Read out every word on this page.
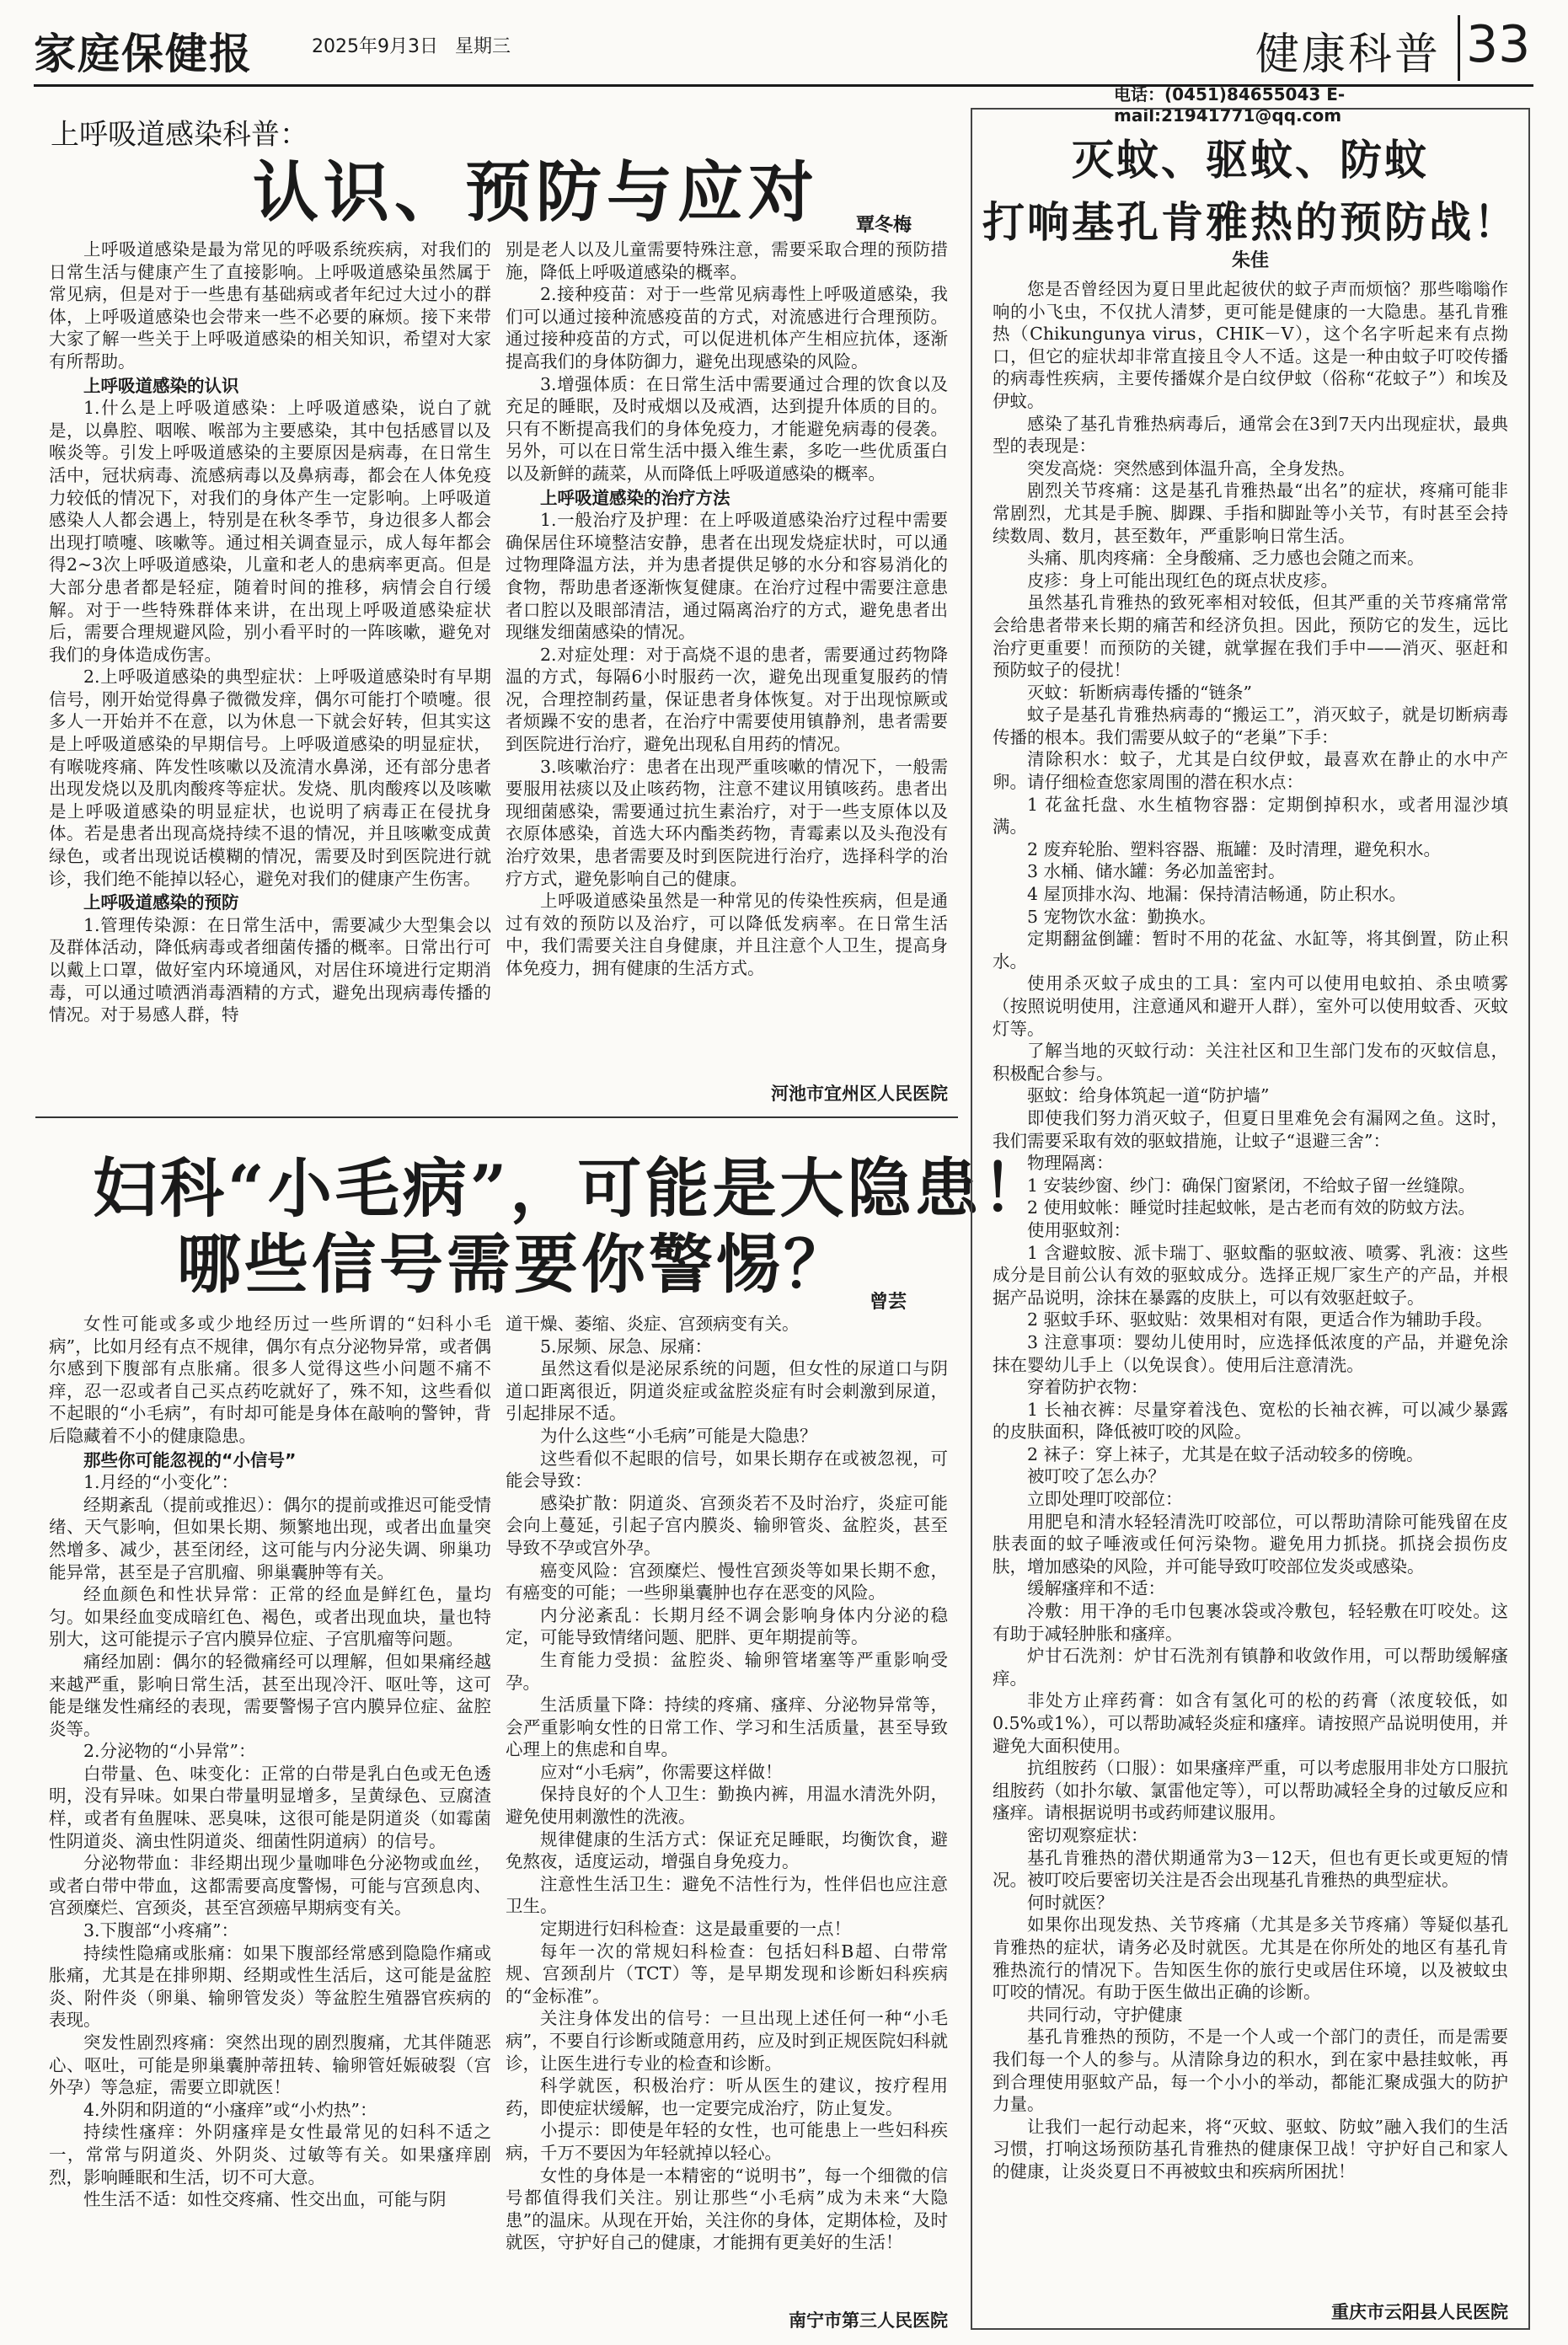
家庭保健报	2025年9月3日 星期三	健康科普 33
电话：(0451)84655043 E-mail:21941771@qq.com
上呼吸道感染科普：
认识、预防与应对 覃冬梅

上呼吸道感染是最为常见的呼吸系统疾病，对我们的日常生活与健康产生了直接影响。上呼吸道感染虽然属于常见病，但是对于一些患有基础病或者年纪过大过小的群体，上呼吸道感染也会带来一些不必要的麻烦。接下来带大家了解一些关于上呼吸道感染的相关知识，希望对大家有所帮助。

上呼吸道感染的认识

1.什么是上呼吸道感染：上呼吸道感染，说白了就是，以鼻腔、咽喉、喉部为主要感染，其中包括感冒以及喉炎等。引发上呼吸道感染的主要原因是病毒，在日常生活中，冠状病毒、流感病毒以及鼻病毒，都会在人体免疫力较低的情况下，对我们的身体产生一定影响。上呼吸道感染人人都会遇上，特别是在秋冬季节，身边很多人都会出现打喷嚏、咳嗽等。通过相关调查显示，成人每年都会得2~3次上呼吸道感染，儿童和老人的患病率更高。但是大部分患者都是轻症，随着时间的推移，病情会自行缓解。对于一些特殊群体来讲，在出现上呼吸道感染症状后，需要合理规避风险，别小看平时的一阵咳嗽，避免对我们的身体造成伤害。

2.上呼吸道感染的典型症状：上呼吸道感染时有早期信号，刚开始觉得鼻子微微发痒，偶尔可能打个喷嚏。很多人一开始并不在意，以为休息一下就会好转，但其实这是上呼吸道感染的早期信号。上呼吸道感染的明显症状，有喉咙疼痛、阵发性咳嗽以及流清水鼻涕，还有部分患者出现发烧以及肌肉酸疼等症状。发烧、肌肉酸疼以及咳嗽是上呼吸道感染的明显症状，也说明了病毒正在侵扰身体。若是患者出现高烧持续不退的情况，并且咳嗽变成黄绿色，或者出现说话模糊的情况，需要及时到医院进行就诊，我们绝不能掉以轻心，避免对我们的健康产生伤害。

上呼吸道感染的预防

1.管理传染源：在日常生活中，需要减少大型集会以及群体活动，降低病毒或者细菌传播的概率。日常出行可以戴上口罩，做好室内环境通风，对居住环境进行定期消毒，可以通过喷洒消毒酒精的方式，避免出现病毒传播的情况。对于易感人群，特

别是老人以及儿童需要特殊注意，需要采取合理的预防措施，降低上呼吸道感染的概率。

2.接种疫苗：对于一些常见病毒性上呼吸道感染，我们可以通过接种流感疫苗的方式，对流感进行合理预防。通过接种疫苗的方式，可以促进机体产生相应抗体，逐渐提高我们的身体防御力，避免出现感染的风险。

3.增强体质：在日常生活中需要通过合理的饮食以及充足的睡眠，及时戒烟以及戒酒，达到提升体质的目的。只有不断提高我们的身体免疫力，才能避免病毒的侵袭。另外，可以在日常生活中摄入维生素，多吃一些优质蛋白以及新鲜的蔬菜，从而降低上呼吸道感染的概率。

上呼吸道感染的治疗方法

1.一般治疗及护理：在上呼吸道感染治疗过程中需要确保居住环境整洁安静，患者在出现发烧症状时，可以通过物理降温方法，并为患者提供足够的水分和容易消化的食物，帮助患者逐渐恢复健康。在治疗过程中需要注意患者口腔以及眼部清洁，通过隔离治疗的方式，避免患者出现继发细菌感染的情况。

2.对症处理：对于高烧不退的患者，需要通过药物降温的方式，每隔6小时服药一次，避免出现重复服药的情况，合理控制药量，保证患者身体恢复。对于出现惊厥或者烦躁不安的患者，在治疗中需要使用镇静剂，患者需要到医院进行治疗，避免出现私自用药的情况。

3.咳嗽治疗：患者在出现严重咳嗽的情况下，一般需要服用祛痰以及止咳药物，注意不建议用镇咳药。患者出现细菌感染，需要通过抗生素治疗，对于一些支原体以及衣原体感染，首选大环内酯类药物，青霉素以及头孢没有治疗效果，患者需要及时到医院进行治疗，选择科学的治疗方式，避免影响自己的健康。

上呼吸道感染虽然是一种常见的传染性疾病，但是通过有效的预防以及治疗，可以降低发病率。在日常生活中，我们需要关注自身健康，并且注意个人卫生，提高身体免疫力，拥有健康的生活方式。

河池市宜州区人民医院
妇科“小毛病”，可能是大隐患！
哪些信号需要你警惕？
曾芸

女性可能或多或少地经历过一些所谓的“妇科小毛病”，比如月经有点不规律，偶尔有点分泌物异常，或者偶尔感到下腹部有点胀痛。很多人觉得这些小问题不痛不痒，忍一忍或者自己买点药吃就好了，殊不知，这些看似不起眼的“小毛病”，有时却可能是身体在敲响的警钟，背后隐藏着不小的健康隐患。

那些你可能忽视的“小信号”

1.月经的“小变化”：

经期紊乱（提前或推迟）：偶尔的提前或推迟可能受情绪、天气影响，但如果长期、频繁地出现，或者出血量突然增多、减少，甚至闭经，这可能与内分泌失调、卵巢功能异常，甚至是子宫肌瘤、卵巢囊肿等有关。

经血颜色和性状异常：正常的经血是鲜红色，量均匀。如果经血变成暗红色、褐色，或者出现血块，量也特别大，这可能提示子宫内膜异位症、子宫肌瘤等问题。

痛经加剧：偶尔的轻微痛经可以理解，但如果痛经越来越严重，影响日常生活，甚至出现冷汗、呕吐等，这可能是继发性痛经的表现，需要警惕子宫内膜异位症、盆腔炎等。

2.分泌物的“小异常”：

白带量、色、味变化：正常的白带是乳白色或无色透明，没有异味。如果白带量明显增多，呈黄绿色、豆腐渣样，或者有鱼腥味、恶臭味，这很可能是阴道炎（如霉菌性阴道炎、滴虫性阴道炎、细菌性阴道病）的信号。

分泌物带血：非经期出现少量咖啡色分泌物或血丝，或者白带中带血，这都需要高度警惕，可能与宫颈息肉、宫颈糜烂、宫颈炎，甚至宫颈癌早期病变有关。

3.下腹部“小疼痛”：

持续性隐痛或胀痛：如果下腹部经常感到隐隐作痛或胀痛，尤其是在排卵期、经期或性生活后，这可能是盆腔炎、附件炎（卵巢、输卵管发炎）等盆腔生殖器官疾病的表现。

突发性剧烈疼痛：突然出现的剧烈腹痛，尤其伴随恶心、呕吐，可能是卵巢囊肿蒂扭转、输卵管妊娠破裂（宫外孕）等急症，需要立即就医！

4.外阴和阴道的“小瘙痒”或“小灼热”：

持续性瘙痒：外阴瘙痒是女性最常见的妇科不适之一，常常与阴道炎、外阴炎、过敏等有关。如果瘙痒剧烈，影响睡眠和生活，切不可大意。

性生活不适：如性交疼痛、性交出血，可能与阴

道干燥、萎缩、炎症、宫颈病变有关。

5.尿频、尿急、尿痛：

虽然这看似是泌尿系统的问题，但女性的尿道口与阴道口距离很近，阴道炎症或盆腔炎症有时会刺激到尿道，引起排尿不适。

为什么这些“小毛病”可能是大隐患？

这些看似不起眼的信号，如果长期存在或被忽视，可能会导致：

感染扩散：阴道炎、宫颈炎若不及时治疗，炎症可能会向上蔓延，引起子宫内膜炎、输卵管炎、盆腔炎，甚至导致不孕或宫外孕。

癌变风险：宫颈糜烂、慢性宫颈炎等如果长期不愈，有癌变的可能；一些卵巢囊肿也存在恶变的风险。

内分泌紊乱：长期月经不调会影响身体内分泌的稳定，可能导致情绪问题、肥胖、更年期提前等。

生育能力受损：盆腔炎、输卵管堵塞等严重影响受孕。

生活质量下降：持续的疼痛、瘙痒、分泌物异常等，会严重影响女性的日常工作、学习和生活质量，甚至导致心理上的焦虑和自卑。

应对“小毛病”，你需要这样做！

保持良好的个人卫生：勤换内裤，用温水清洗外阴，避免使用刺激性的洗液。

规律健康的生活方式：保证充足睡眠，均衡饮食，避免熬夜，适度运动，增强自身免疫力。

注意性生活卫生：避免不洁性行为，性伴侣也应注意卫生。

定期进行妇科检查：这是最重要的一点！

每年一次的常规妇科检查：包括妇科B超、白带常规、宫颈刮片（TCT）等，是早期发现和诊断妇科疾病的“金标准”。

关注身体发出的信号：一旦出现上述任何一种“小毛病”，不要自行诊断或随意用药，应及时到正规医院妇科就诊，让医生进行专业的检查和诊断。

科学就医，积极治疗：听从医生的建议，按疗程用药，即使症状缓解，也一定要完成治疗，防止复发。

小提示：即使是年轻的女性，也可能患上一些妇科疾病，千万不要因为年轻就掉以轻心。

女性的身体是一本精密的“说明书”，每一个细微的信号都值得我们关注。别让那些“小毛病”成为未来“大隐患”的温床。从现在开始，关注你的身体，定期体检，及时就医，守护好自己的健康，才能拥有更美好的生活！

南宁市第三人民医院
灭蚊、驱蚊、防蚊
打响基孔肯雅热的预防战！
朱佳

您是否曾经因为夏日里此起彼伏的蚊子声而烦恼？那些嗡嗡作响的小飞虫，不仅扰人清梦，更可能是健康的一大隐患。基孔肯雅热（Chikungunya virus，CHIK－V），这个名字听起来有点拗口，但它的症状却非常直接且令人不适。这是一种由蚊子叮咬传播的病毒性疾病，主要传播媒介是白纹伊蚊（俗称“花蚊子”）和埃及伊蚊。

感染了基孔肯雅热病毒后，通常会在3到7天内出现症状，最典型的表现是：

突发高烧：突然感到体温升高，全身发热。

剧烈关节疼痛：这是基孔肯雅热最“出名”的症状，疼痛可能非常剧烈，尤其是手腕、脚踝、手指和脚趾等小关节，有时甚至会持续数周、数月，甚至数年，严重影响日常生活。

头痛、肌肉疼痛：全身酸痛、乏力感也会随之而来。

皮疹：身上可能出现红色的斑点状皮疹。

虽然基孔肯雅热的致死率相对较低，但其严重的关节疼痛常常会给患者带来长期的痛苦和经济负担。因此，预防它的发生，远比治疗更重要！而预防的关键，就掌握在我们手中——消灭、驱赶和预防蚊子的侵扰！

灭蚊：斩断病毒传播的“链条”

蚊子是基孔肯雅热病毒的“搬运工”，消灭蚊子，就是切断病毒传播的根本。我们需要从蚊子的“老巢”下手：

清除积水：蚊子，尤其是白纹伊蚊，最喜欢在静止的水中产卵。请仔细检查您家周围的潜在积水点：

1 花盆托盘、水生植物容器：定期倒掉积水，或者用湿沙填满。

2 废弃轮胎、塑料容器、瓶罐：及时清理，避免积水。

3 水桶、储水罐：务必加盖密封。

4 屋顶排水沟、地漏：保持清洁畅通，防止积水。

5 宠物饮水盆：勤换水。

定期翻盆倒罐：暂时不用的花盆、水缸等，将其倒置，防止积水。

使用杀灭蚊子成虫的工具：室内可以使用电蚊拍、杀虫喷雾（按照说明使用，注意通风和避开人群），室外可以使用蚊香、灭蚊灯等。

了解当地的灭蚊行动：关注社区和卫生部门发布的灭蚊信息，积极配合参与。

驱蚊：给身体筑起一道“防护墙”

即使我们努力消灭蚊子，但夏日里难免会有漏网之鱼。这时，我们需要采取有效的驱蚊措施，让蚊子“退避三舍”：

物理隔离：

1 安装纱窗、纱门：确保门窗紧闭，不给蚊子留一丝缝隙。

2 使用蚊帐：睡觉时挂起蚊帐，是古老而有效的防蚊方法。

使用驱蚊剂：

1 含避蚊胺、派卡瑞丁、驱蚊酯的驱蚊液、喷雾、乳液：这些成分是目前公认有效的驱蚊成分。选择正规厂家生产的产品，并根据产品说明，涂抹在暴露的皮肤上，可以有效驱赶蚊子。

2 驱蚊手环、驱蚊贴：效果相对有限，更适合作为辅助手段。

3 注意事项：婴幼儿使用时，应选择低浓度的产品，并避免涂抹在婴幼儿手上（以免误食）。使用后注意清洗。

穿着防护衣物：

1 长袖衣裤：尽量穿着浅色、宽松的长袖衣裤，可以减少暴露的皮肤面积，降低被叮咬的风险。

2 袜子：穿上袜子，尤其是在蚊子活动较多的傍晚。

被叮咬了怎么办？

立即处理叮咬部位：

用肥皂和清水轻轻清洗叮咬部位，可以帮助清除可能残留在皮肤表面的蚊子唾液或任何污染物。避免用力抓挠。抓挠会损伤皮肤，增加感染的风险，并可能导致叮咬部位发炎或感染。

缓解瘙痒和不适：

冷敷：用干净的毛巾包裹冰袋或冷敷包，轻轻敷在叮咬处。这有助于减轻肿胀和瘙痒。

炉甘石洗剂：炉甘石洗剂有镇静和收敛作用，可以帮助缓解瘙痒。

非处方止痒药膏：如含有氢化可的松的药膏（浓度较低，如0.5%或1%），可以帮助减轻炎症和瘙痒。请按照产品说明使用，并避免大面积使用。

抗组胺药（口服）：如果瘙痒严重，可以考虑服用非处方口服抗组胺药（如扑尔敏、氯雷他定等），可以帮助减轻全身的过敏反应和瘙痒。请根据说明书或药师建议服用。

密切观察症状：

基孔肯雅热的潜伏期通常为3－12天，但也有更长或更短的情况。被叮咬后要密切关注是否会出现基孔肯雅热的典型症状。

何时就医？

如果你出现发热、关节疼痛（尤其是多关节疼痛）等疑似基孔肯雅热的症状，请务必及时就医。尤其是在你所处的地区有基孔肯雅热流行的情况下。告知医生你的旅行史或居住环境，以及被蚊虫叮咬的情况。有助于医生做出正确的诊断。

共同行动，守护健康

基孔肯雅热的预防，不是一个人或一个部门的责任，而是需要我们每一个人的参与。从清除身边的积水，到在家中悬挂蚊帐，再到合理使用驱蚊产品，每一个小小的举动，都能汇聚成强大的防护力量。

让我们一起行动起来，将“灭蚊、驱蚊、防蚊”融入我们的生活习惯，打响这场预防基孔肯雅热的健康保卫战！守护好自己和家人的健康，让炎炎夏日不再被蚊虫和疾病所困扰！

重庆市云阳县人民医院
